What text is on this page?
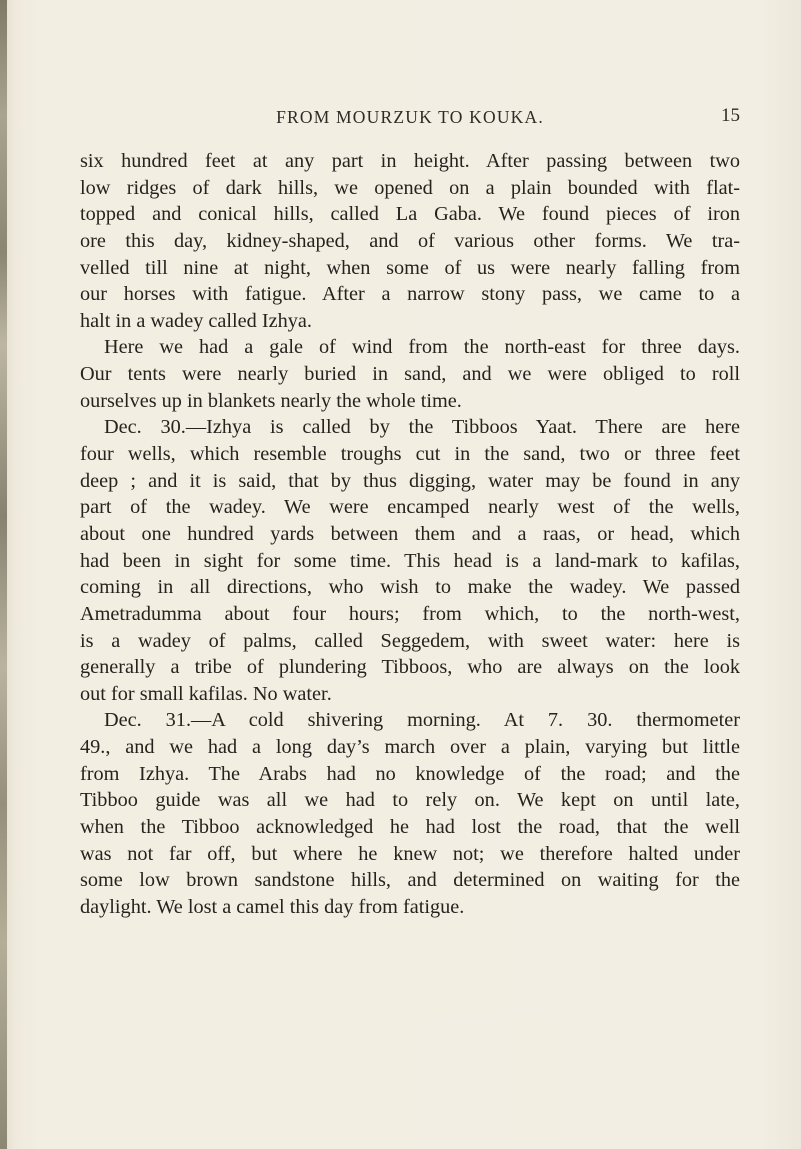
FROM MOURZUK TO KOUKA.	15
six hundred feet at any part in height. After passing between two
low ridges of dark hills, we opened on a plain bounded with flat-
topped and conical hills, called La Gaba. We found pieces of iron
ore this day, kidney-shaped, and of various other forms. We tra-
velled till nine at night, when some of us were nearly falling from
our horses with fatigue. After a narrow stony pass, we came to a
halt in a wadey called Izhya.
Here we had a gale of wind from the north-east for three days.
Our tents were nearly buried in sand, and we were obliged to roll
ourselves up in blankets nearly the whole time.
Dec. 30.—Izhya is called by the Tibboos Yaat. There are here
four wells, which resemble troughs cut in the sand, two or three feet
deep ; and it is said, that by thus digging, water may be found in any
part of the wadey. We were encamped nearly west of the wells,
about one hundred yards between them and a raas, or head, which
had been in sight for some time. This head is a land-mark to kafilas,
coming in all directions, who wish to make the wadey. We passed
Ametradumma about four hours; from which, to the north-west,
is a wadey of palms, called Seggedem, with sweet water: here is
generally a tribe of plundering Tibboos, who are always on the look
out for small kafilas. No water.
Dec. 31.—A cold shivering morning. At 7. 30. thermometer
49., and we had a long day’s march over a plain, varying but little
from Izhya. The Arabs had no knowledge of the road; and the
Tibboo guide was all we had to rely on. We kept on until late,
when the Tibboo acknowledged he had lost the road, that the well
was not far off, but where he knew not; we therefore halted under
some low brown sandstone hills, and determined on waiting for the
daylight. We lost a camel this day from fatigue.
